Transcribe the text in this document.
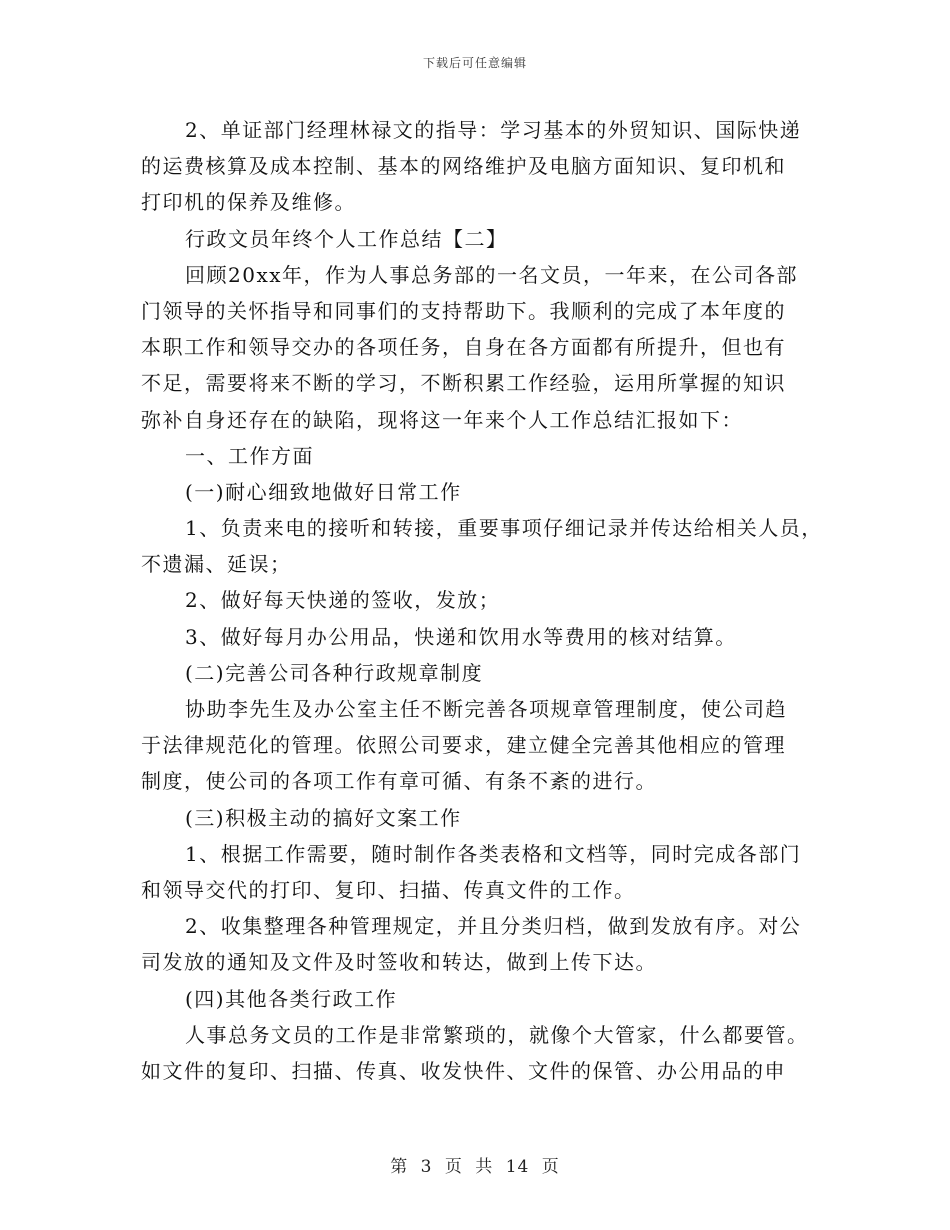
下载后可任意编辑
2、单证部门经理林禄文的指导：学习基本的外贸知识、国际快递
的运费核算及成本控制、基本的网络维护及电脑方面知识、复印机和
打印机的保养及维修。
行政文员年终个人工作总结【二】
回顾20xx年，作为人事总务部的一名文员，一年来，在公司各部
门领导的关怀指导和同事们的支持帮助下。我顺利的完成了本年度的
本职工作和领导交办的各项任务，自身在各方面都有所提升，但也有
不足，需要将来不断的学习，不断积累工作经验，运用所掌握的知识
弥补自身还存在的缺陷，现将这一年来个人工作总结汇报如下：
一、工作方面
(一)耐心细致地做好日常工作
1、负责来电的接听和转接，重要事项仔细记录并传达给相关人员，
不遗漏、延误；
2、做好每天快递的签收，发放；
3、做好每月办公用品，快递和饮用水等费用的核对结算。
(二)完善公司各种行政规章制度
协助李先生及办公室主任不断完善各项规章管理制度，使公司趋
于法律规范化的管理。依照公司要求，建立健全完善其他相应的管理
制度，使公司的各项工作有章可循、有条不紊的进行。
(三)积极主动的搞好文案工作
1、根据工作需要，随时制作各类表格和文档等，同时完成各部门
和领导交代的打印、复印、扫描、传真文件的工作。
2、收集整理各种管理规定，并且分类归档，做到发放有序。对公
司发放的通知及文件及时签收和转达，做到上传下达。
(四)其他各类行政工作
人事总务文员的工作是非常繁琐的，就像个大管家，什么都要管。
如文件的复印、扫描、传真、收发快件、文件的保管、办公用品的申
第 3 页 共 14 页
